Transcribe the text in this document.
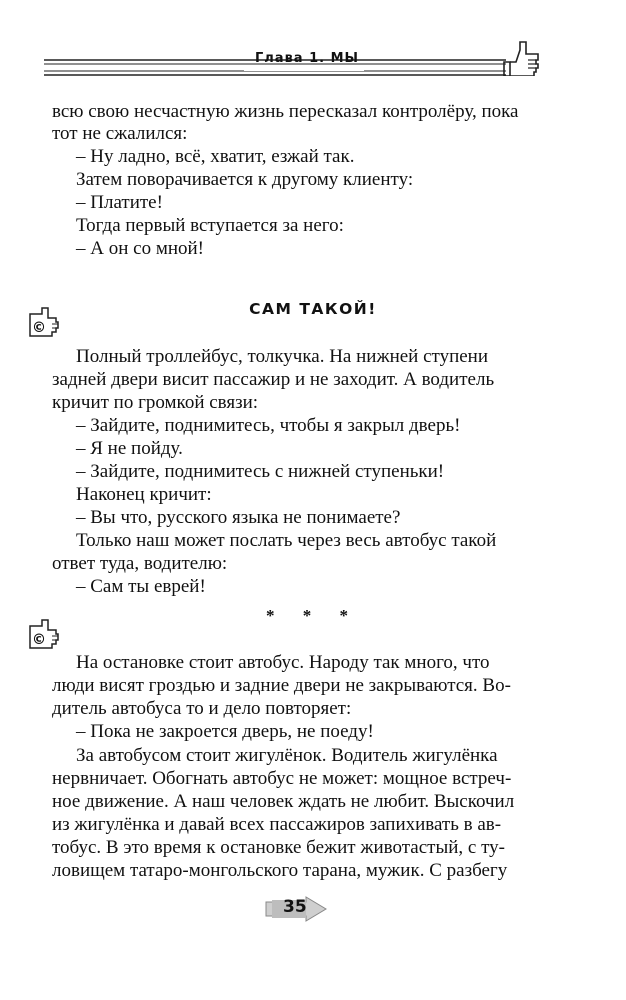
Глава 1. МЫ
всю свою несчастную жизнь пересказал контролёру, пока
тот не сжалился:
– Ну ладно, всё, хватит, езжай так.
Затем поворачивается к другому клиенту:
– Платите!
Тогда первый вступается за него:
– А он со мной!
САМ ТАКОЙ!
©
Полный троллейбус, толкучка. На нижней ступени
задней двери висит пассажир и не заходит. А водитель
кричит по громкой связи:
– Зайдите, поднимитесь, чтобы я закрыл дверь!
– Я не пойду.
– Зайдите, поднимитесь с нижней ступеньки!
Наконец кричит:
– Вы что, русского языка не понимаете?
Только наш может послать через весь автобус такой
ответ туда, водителю:
– Сам ты еврей!
* * *
©
На остановке стоит автобус. Народу так много, что
люди висят гроздью и задние двери не закрываются. Во-
дитель автобуса то и дело повторяет:
– Пока не закроется дверь, не поеду!
За автобусом стоит жигулёнок. Водитель жигулёнка
нервничает. Обогнать автобус не может: мощное встреч-
ное движение. А наш человек ждать не любит. Выскочил
из жигулёнка и давай всех пассажиров запихивать в ав-
тобус. В это время к остановке бежит животастый, с ту-
ловищем татаро-монгольского тарана, мужик. С разбегу
35
